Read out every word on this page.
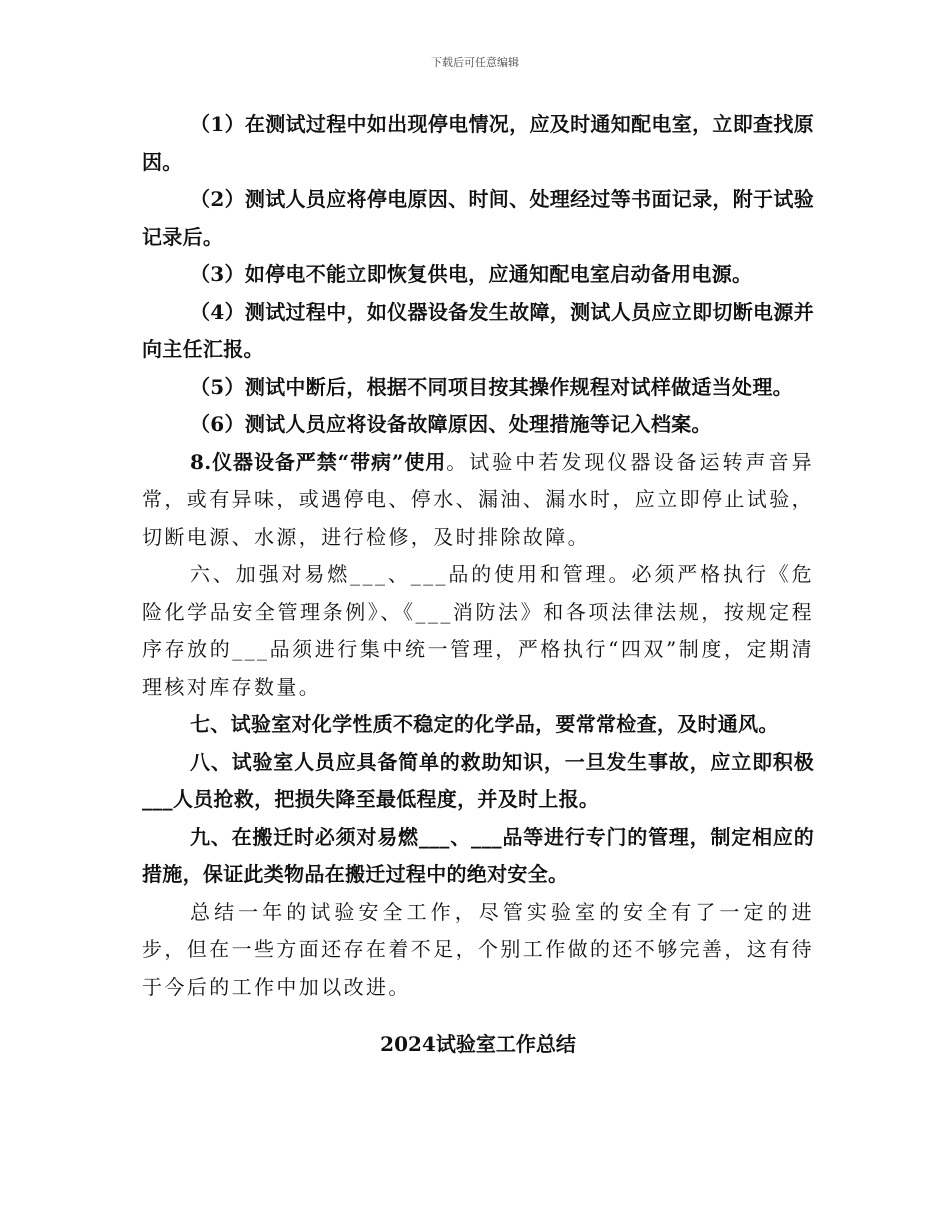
下载后可任意编辑

（1）在测试过程中如出现停电情况，应及时通知配电室，立即查找原因。

（2）测试人员应将停电原因、时间、处理经过等书面记录，附于试验记录后。

（3）如停电不能立即恢复供电，应通知配电室启动备用电源。

（4）测试过程中，如仪器设备发生故障，测试人员应立即切断电源并向主任汇报。

（5）测试中断后，根据不同项目按其操作规程对试样做适当处理。

（6）测试人员应将设备故障原因、处理措施等记入档案。

8.仪器设备严禁“带病”使用。试验中若发现仪器设备运转声音异常，或有异味，或遇停电、停水、漏油、漏水时，应立即停止试验，切断电源、水源，进行检修，及时排除故障。

六、加强对易燃___、___品的使用和管理。必须严格执行《危险化学品安全管理条例》、《___消防法》和各项法律法规，按规定程序存放的___品须进行集中统一管理，严格执行“四双”制度，定期清理核对库存数量。

七、试验室对化学性质不稳定的化学品，要常常检查，及时通风。

八、试验室人员应具备简单的救助知识，一旦发生事故，应立即积极___人员抢救，把损失降至最低程度，并及时上报。

九、在搬迁时必须对易燃___、___品等进行专门的管理，制定相应的措施，保证此类物品在搬迁过程中的绝对安全。

总结一年的试验安全工作，尽管实验室的安全有了一定的进步，但在一些方面还存在着不足，个别工作做的还不够完善，这有待于今后的工作中加以改进。

2024试验室工作总结
